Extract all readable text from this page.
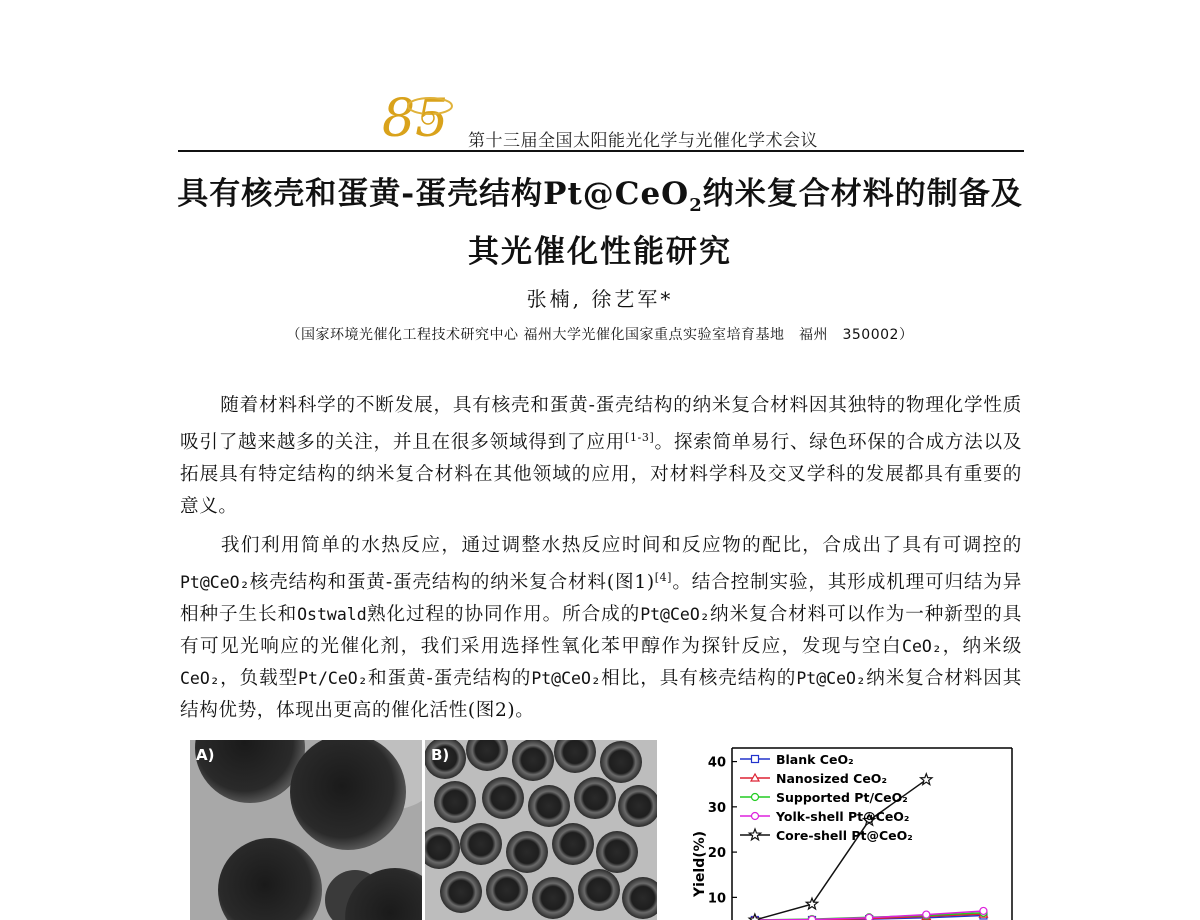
85 第十三届全国太阳能光化学与光催化学术会议
具有核壳和蛋黄-蛋壳结构Pt@CeO$_2$纳米复合材料的制备及
其光催化性能研究
张楠, 徐艺军*
（国家环境光催化工程技术研究中心 福州大学光催化国家重点实验室培育基地　福州　350002）
随着材料科学的不断发展，具有核壳和蛋黄-蛋壳结构的纳米复合材料因其独特的物理化学性质吸引了越来越多的关注，并且在很多领域得到了应用[1-3]。探索简单易行、绿色环保的合成方法以及拓展具有特定结构的纳米复合材料在其他领域的应用，对材料学科及交叉学科的发展都具有重要的意义。
我们利用简单的水热反应，通过调整水热反应时间和反应物的配比，合成出了具有可调控的Pt@CeO₂核壳结构和蛋黄-蛋壳结构的纳米复合材料(图1)[4]。结合控制实验，其形成机理可归结为异相种子生长和Ostwald熟化过程的协同作用。所合成的Pt@CeO₂纳米复合材料可以作为一种新型的具有可见光响应的光催化剂，我们采用选择性氧化苯甲醇作为探针反应，发现与空白CeO₂，纳米级CeO₂，负载型Pt/CeO₂和蛋黄-蛋壳结构的Pt@CeO₂相比，具有核壳结构的Pt@CeO₂纳米复合材料因其结构优势，体现出更高的催化活性(图2)。
A)	B)
10
20
30
40
Yield(%)
Blank CeO₂
Nanosized CeO₂
Supported Pt/CeO₂
Yolk-shell Pt@CeO₂
Core-shell Pt@CeO₂
